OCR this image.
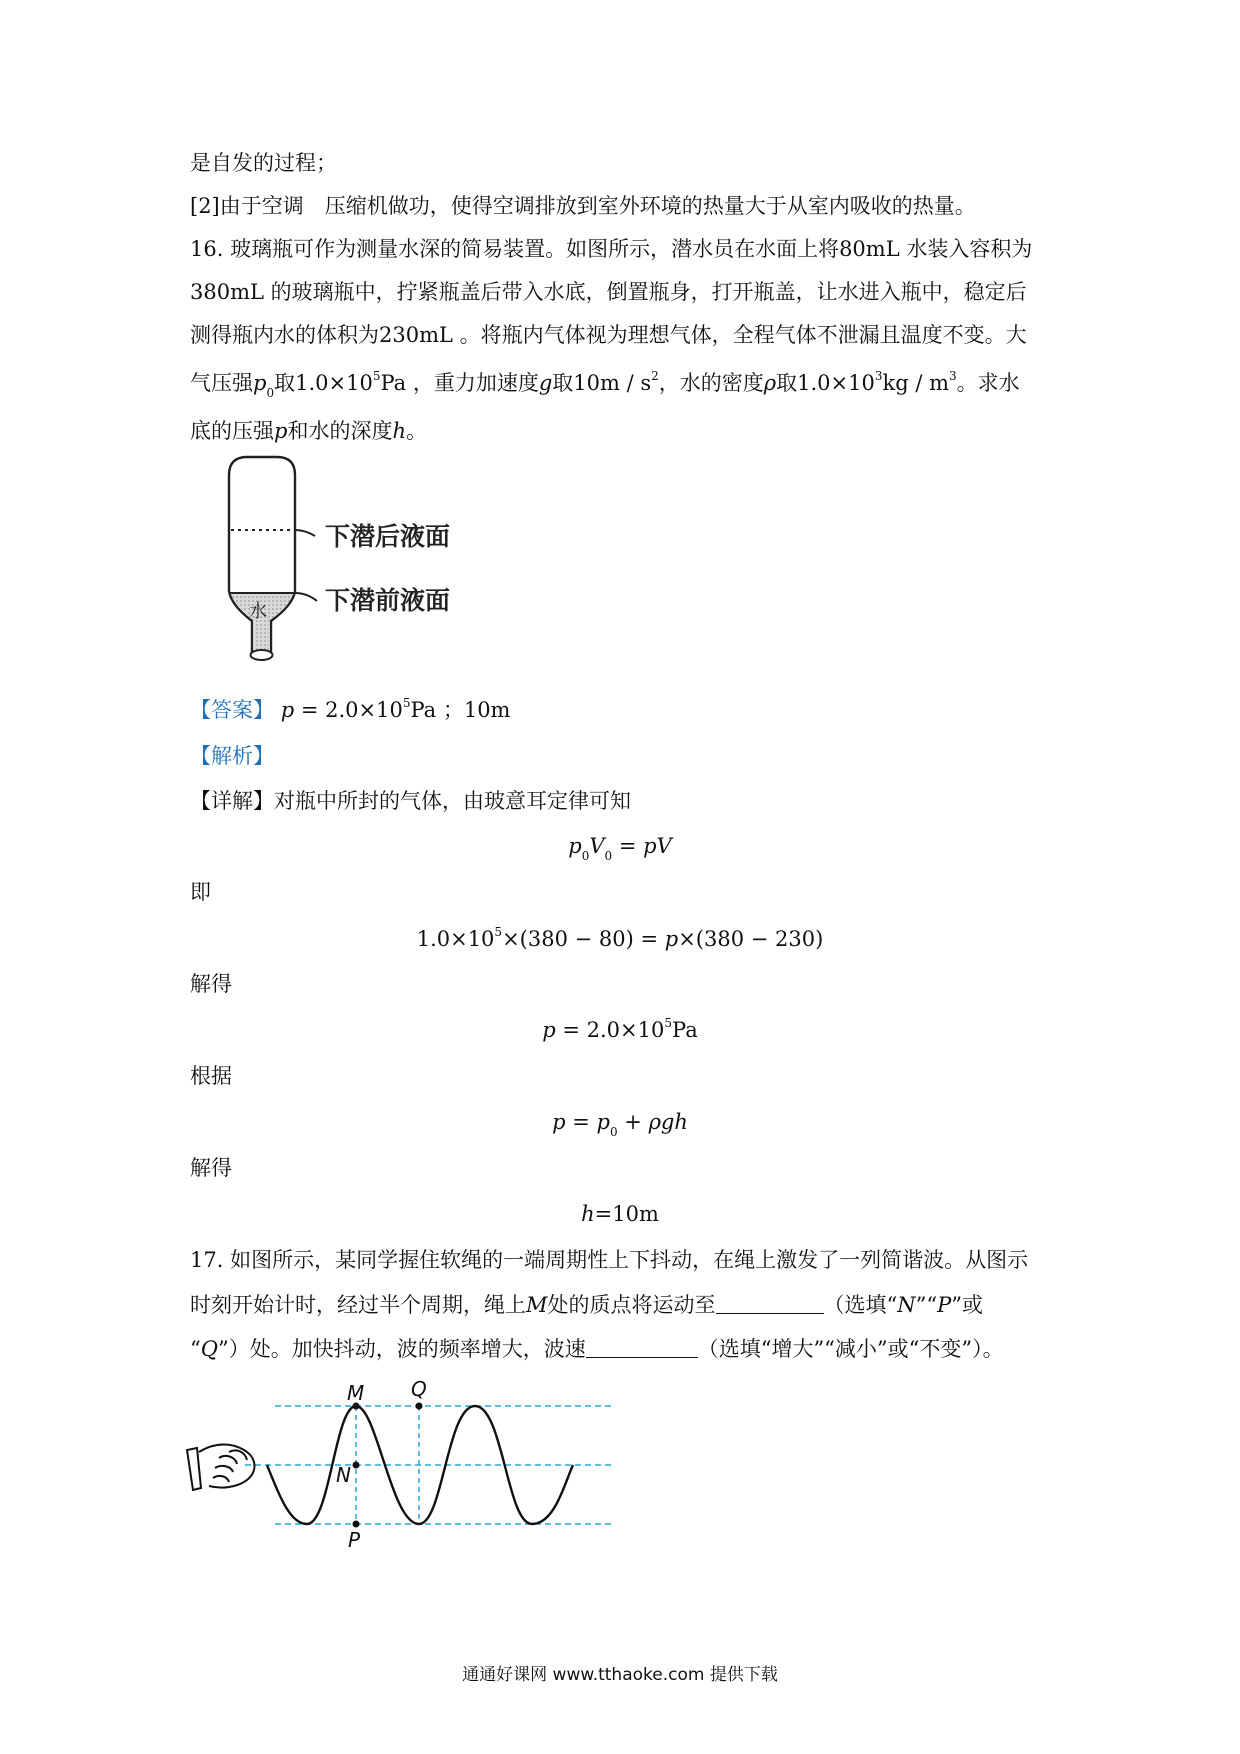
是自发的过程；
[2]由于空调　压缩机做功，使得空调排放到室外环境的热量大于从室内吸收的热量。
16. 玻璃瓶可作为测量水深的简易装置。如图所示，潜水员在水面上将80mL 水装入容积为
380mL 的玻璃瓶中，拧紧瓶盖后带入水底，倒置瓶身，打开瓶盖，让水进入瓶中，稳定后
测得瓶内水的体积为230mL 。将瓶内气体视为理想气体，全程气体不泄漏且温度不变。大
气压强$p_0$取$1.0\times 10^5Pa$ ，重力加速度g取$10m / s^2$，水的密度ρ取$1.0\times 10^3kg / m^3$。求水
底的压强p和水的深度h。
下潜后液面
下潜前液面
水
【答案】 $p = 2.0\times 10^5Pa$ ；10m
【解析】
【详解】对瓶中所封的气体，由玻意耳定律可知
$p_0V_0$ = pV
即
$1.0\times 10^5\times(380 - 80) = p\times(380 - 230)$
解得
$p = 2.0\times 10^5Pa$
根据
$p = p_0 + \rho gh$
解得
h=10m
17. 如图所示，某同学握住软绳的一端周期性上下抖动，在绳上激发了一列简谐波。从图示
时刻开始计时，经过半个周期，绳上M处的质点将运动至	（选填“N”“P”或
“Q”）处。加快抖动，波的频率增大，波速	（选填“增大”“减小”或“不变”）。
M Q
N
P
通通好课网 www.tthaoke.com 提供下载
